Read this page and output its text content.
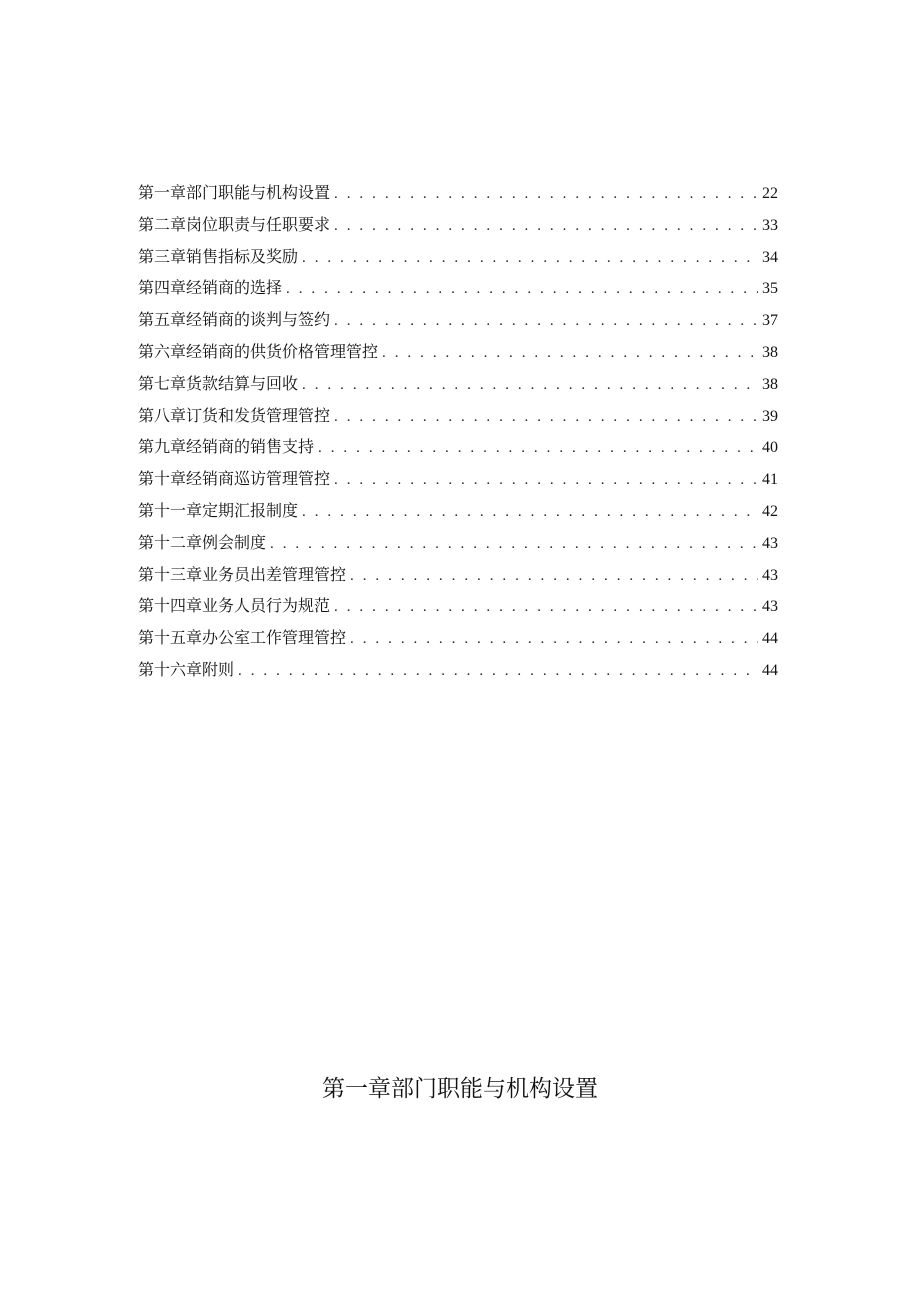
第一章部门职能与机构设置 . . .	22
第二章岗位职责与任职要求 . . .	33
第三章销售指标及奖励 . . .	34
第四章经销商的选择 . . .	35
第五章经销商的谈判与签约 . . .	37
第六章经销商的供货价格管理管控 . . .	38
第七章货款结算与回收 . . .	38
第八章订货和发货管理管控 . . .	39
第九章经销商的销售支持 . . .	40
第十章经销商巡访管理管控 . . .	41
第十一章定期汇报制度 . . .	42
第十二章例会制度 . . .	43
第十三章业务员出差管理管控 . . .	43
第十四章业务人员行为规范 . . .	43
第十五章办公室工作管理管控 . . .	44
第十六章附则 . . .	44
第一章部门职能与机构设置
